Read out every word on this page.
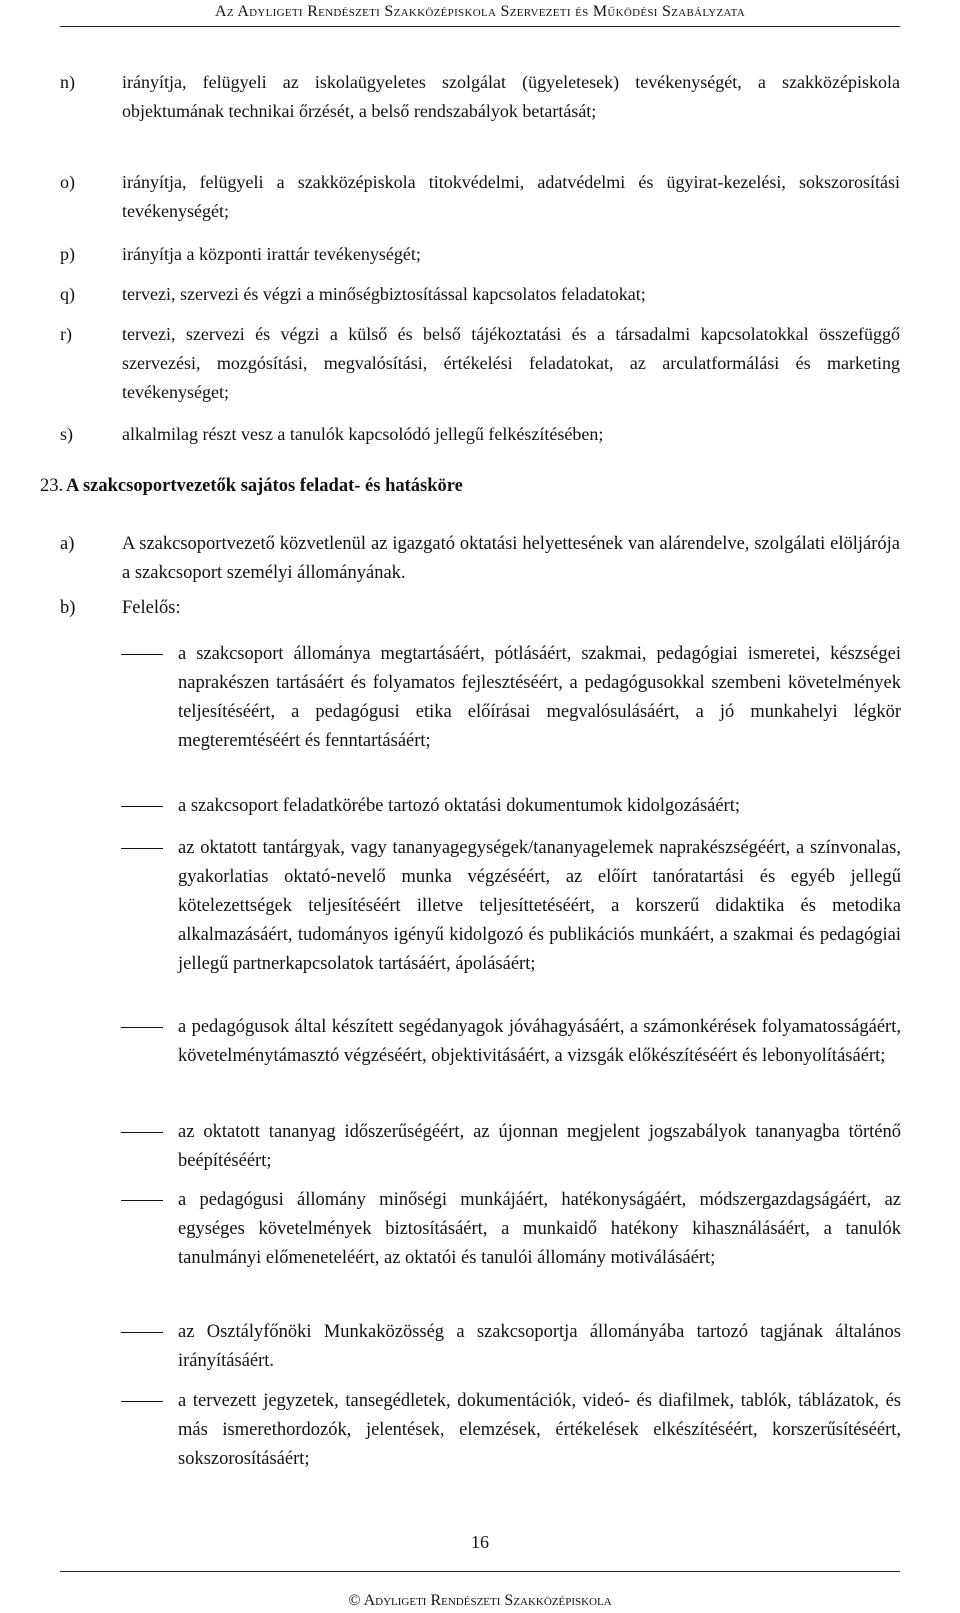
Az Adyligeti Rendészeti Szakközépiskola Szervezeti és Működési Szabályzata
n)	irányítja, felügyeli az iskolaügyeletes szolgálat (ügyeletesek) tevékenységét, a szakközépiskola objektumának technikai őrzését, a belső rendszabályok betartását;
o)	irányítja, felügyeli a szakközépiskola titokvédelmi, adatvédelmi és ügyirat-kezelési, sokszorosítási tevékenységét;
p)	irányítja a központi irattár tevékenységét;
q)	tervezi, szervezi és végzi a minőségbiztosítással kapcsolatos feladatokat;
r)	tervezi, szervezi és végzi a külső és belső tájékoztatási és a társadalmi kapcsolatokkal összefüggő szervezési, mozgósítási, megvalósítási, értékelési feladatokat, az arculatformálási és marketing tevékenységet;
s)	alkalmilag részt vesz a tanulók kapcsolódó jellegű felkészítésében;
23. A szakcsoportvezetők sajátos feladat- és hatásköre
a)	A szakcsoportvezető közvetlenül az igazgató oktatási helyettesének van alárendelve, szolgálati elöljárója a szakcsoport személyi állományának.
b)	Felelős:
a szakcsoport állománya megtartásáért, pótlásáért, szakmai, pedagógiai ismeretei, készségei naprakészen tartásáért és folyamatos fejlesztéséért, a pedagógusokkal szembeni követelmények teljesítéséért, a pedagógusi etika előírásai megvalósulásáért, a jó munkahelyi légkör megteremtéséért és fenntartásáért;
a szakcsoport feladatkörébe tartozó oktatási dokumentumok kidolgozásáért;
az oktatott tantárgyak, vagy tananyagegységek/tananyagelemek naprakészségéért, a színvonalas, gyakorlatias oktató-nevelő munka végzéséért, az előírt tanóratartási és egyéb jellegű kötelezettségek teljesítéséért illetve teljesíttetéséért, a korszerű didaktika és metodika alkalmazásáért, tudományos igényű kidolgozó és publikációs munkáért, a szakmai és pedagógiai jellegű partnerkapcsolatok tartásáért, ápolásáért;
a pedagógusok által készített segédanyagok jóváhagyásáért, a számonkérések folyamatosságáért, követelménytámasztó végzéséért, objektivitásáért, a vizsgák előkészítéséért és lebonyolításáért;
az oktatott tananyag időszerűségéért, az újonnan megjelent jogszabályok tananyagba történő beépítéséért;
a pedagógusi állomány minőségi munkájáért, hatékonyságáért, módszergazdagságáért, az egységes követelmények biztosításáért, a munkaidő hatékony kihasználásáért, a tanulók tanulmányi előmeneteléért, az oktatói és tanulói állomány motiválásáért;
az Osztályfőnöki Munkaközösség a szakcsoportja állományába tartozó tagjának általános irányításáért.
a tervezett jegyzetek, tansegédletek, dokumentációk, videó- és diafilmek, tablók, táblázatok, és más ismerethordozók, jelentések, elemzések, értékelések elkészítéséért, korszerűsítéséért, sokszorosításáért;
16
© Adyligeti Rendészeti Szakközépiskola
